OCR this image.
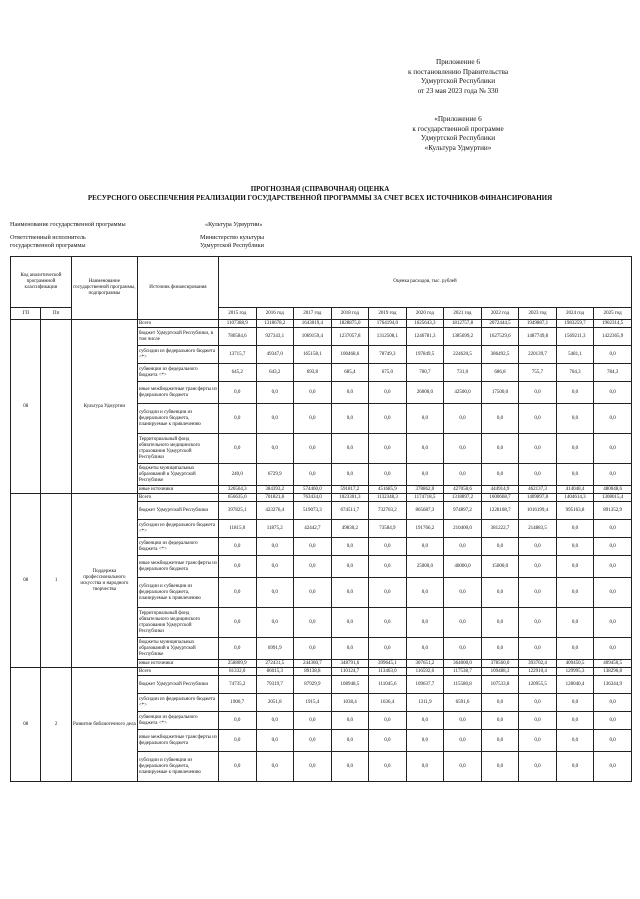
Приложение 6
к постановлению Правительства
Удмуртской Республики
от 23 мая 2023 года № 330
«Приложение 6
к государственной программе
Удмуртской Республики
«Культура Удмуртии»
ПРОГНОЗНАЯ (СПРАВОЧНАЯ) ОЦЕНКА
РЕСУРСНОГО ОБЕСПЕЧЕНИЯ РЕАЛИЗАЦИИ ГОСУДАРСТВЕННОЙ ПРОГРАММЫ ЗА СЧЕТ ВСЕХ ИСТОЧНИКОВ ФИНАНСИРОВАНИЯ
Наименование государственной программы	«Культура Удмуртии»
Ответственный исполнитель
государственной программы
Министерство культуры
Удмуртской Республики
Код аналитической программной классификации		Наименование государственной программы, подпрограммы	Источник финансирования	Оценка расходов, тыс. рублей										
ГП	Пп			2015 год	2016 год	2017 год	2018 год	2019 год	2020 год	2021 год	2022 год	2023 год	2024 год	2025 год

08		Культура Удмуртии	Всего	1107388,9	1318678,2	1643019,4	1828875,0	1764194,0	1625643,3	1812757,8	2072444,5	1949887,1	1983259,7	1902314,5
			бюджет Удмуртской Республики, в том числе	780584,6	927343,1	1069159,4	1237057,8	1312508,1	1246781,3	1385699,2	1627529,6	1487749,8	1569211,3	1422365,9
			субсидии из федерального бюджета <*>	13715,7	49347,0	165158,1	100468,6	78749,3	197849,5	224620,5	386492,5	220139,7	5481,1	0,0
			субвенции из федерального бюджета <*>	645,2	643,2	693,8	685,4	675,0	700,7	731,0	686,8	755,7	704,3	784,3
			иные межбюджетные трансферты из федерального бюджета	0,0	0,0	0,0	0,0	0,0	26000,0	42500,0	17500,0	0,0	0,0	0,0
			субсидии и субвенции из федерального бюджета, планируемые к привлечению	0,0	0,0	0,0	0,0	0,0	0,0	0,0	0,0	0,0	0,0	0,0
			Территориальный фонд обязательного медицинского страхования Удмуртской Республики	0,0	0,0	0,0	0,0	0,0	0,0	0,0	0,0	0,0	0,0	0,0
			бюджеты муниципальных образований в Удмуртской Республике	240,0	6729,9	0,0	0,0	0,0	0,0	0,0	0,0	0,0	0,0	0,0
			иные источники	326564,3	384393,2	574460,0	591817,2	451685,9	378862,0	427058,6	444914,9	462137,3	414048,4	480048,6
08	1	Поддержка профессионального искусства и народного творчества	Всего	656635,0	701821,8	763434,0	1023301,3	1132348,3	1174718,5	1318897,2	1600668,7	1409897,8	1404614,3	1308015,4
			бюджет Удмуртской Республики	397825,1	423276,4	519073,3	674511,7	732703,2	865687,3	974897,2	1228108,7	1016199,4	995163,8	891352,9
			субсидии из федерального бюджета <*>	11815,0	11875,2	42442,7	49830,2	73584,9	191766,2	210400,0	381222,7	214883,5	0,0	0,0
			субвенции из федерального бюджета <*>	0,0	0,0	0,0	0,0	0,0	0,0	0,0	0,0	0,0	0,0	0,0
			иные межбюджетные трансферты из федерального бюджета	0,0	0,0	0,0	0,0	0,0	25000,0	40000,0	15000,0	0,0	0,0	0,0
			субсидии и субвенции из федерального бюджета, планируемые к привлечению	0,0	0,0	0,0	0,0	0,0	0,0	0,0	0,0	0,0	0,0	0,0
			Территориальный фонд обязательного медицинского страхования Удмуртской Республики	0,0	0,0	0,0	0,0	0,0	0,0	0,0	0,0	0,0	0,0	0,0
			бюджеты муниципальных образований в Удмуртской Республике	0,0	6991,9	0,0	0,0	0,0	0,0	0,0	0,0	0,0	0,0	0,0
			иные источники	258809,9	272431,5	244360,7	348791,6	399645,1	307651,2	364000,0	378560,0	393702,4	409450,5	409450,5
08	2	Развитие библиотечного дела	Всего	81332,0	86015,3	89138,8	110124,7	113463,0	116592,6	117538,7	109488,3	122910,4	129995,3	138296,8
			бюджет Удмуртской Республики	74735,2	79319,7	87929,9	108948,5	111045,6	109637,7	115580,8	107533,8	120955,5	128040,4	136344,9
			субсидии из федерального бюджета <*>	1900,7	2051,8	1915,4	1038,4	1636,4	1311,9	6591,6	0,0	0,0	0,0	0,0
			субвенции из федерального бюджета <*>	0,0	0,0	0,0	0,0	0,0	0,0	0,0	0,0	0,0	0,0	0,0
			иные межбюджетные трансферты из федерального бюджета	0,0	0,0	0,0	0,0	0,0	0,0	0,0	0,0	0,0	0,0	0,0
			субсидии и субвенции из федерального бюджета, планируемые к привлечению	0,0	0,0	0,0	0,0	0,0	0,0	0,0	0,0	0,0	0,0	0,0
